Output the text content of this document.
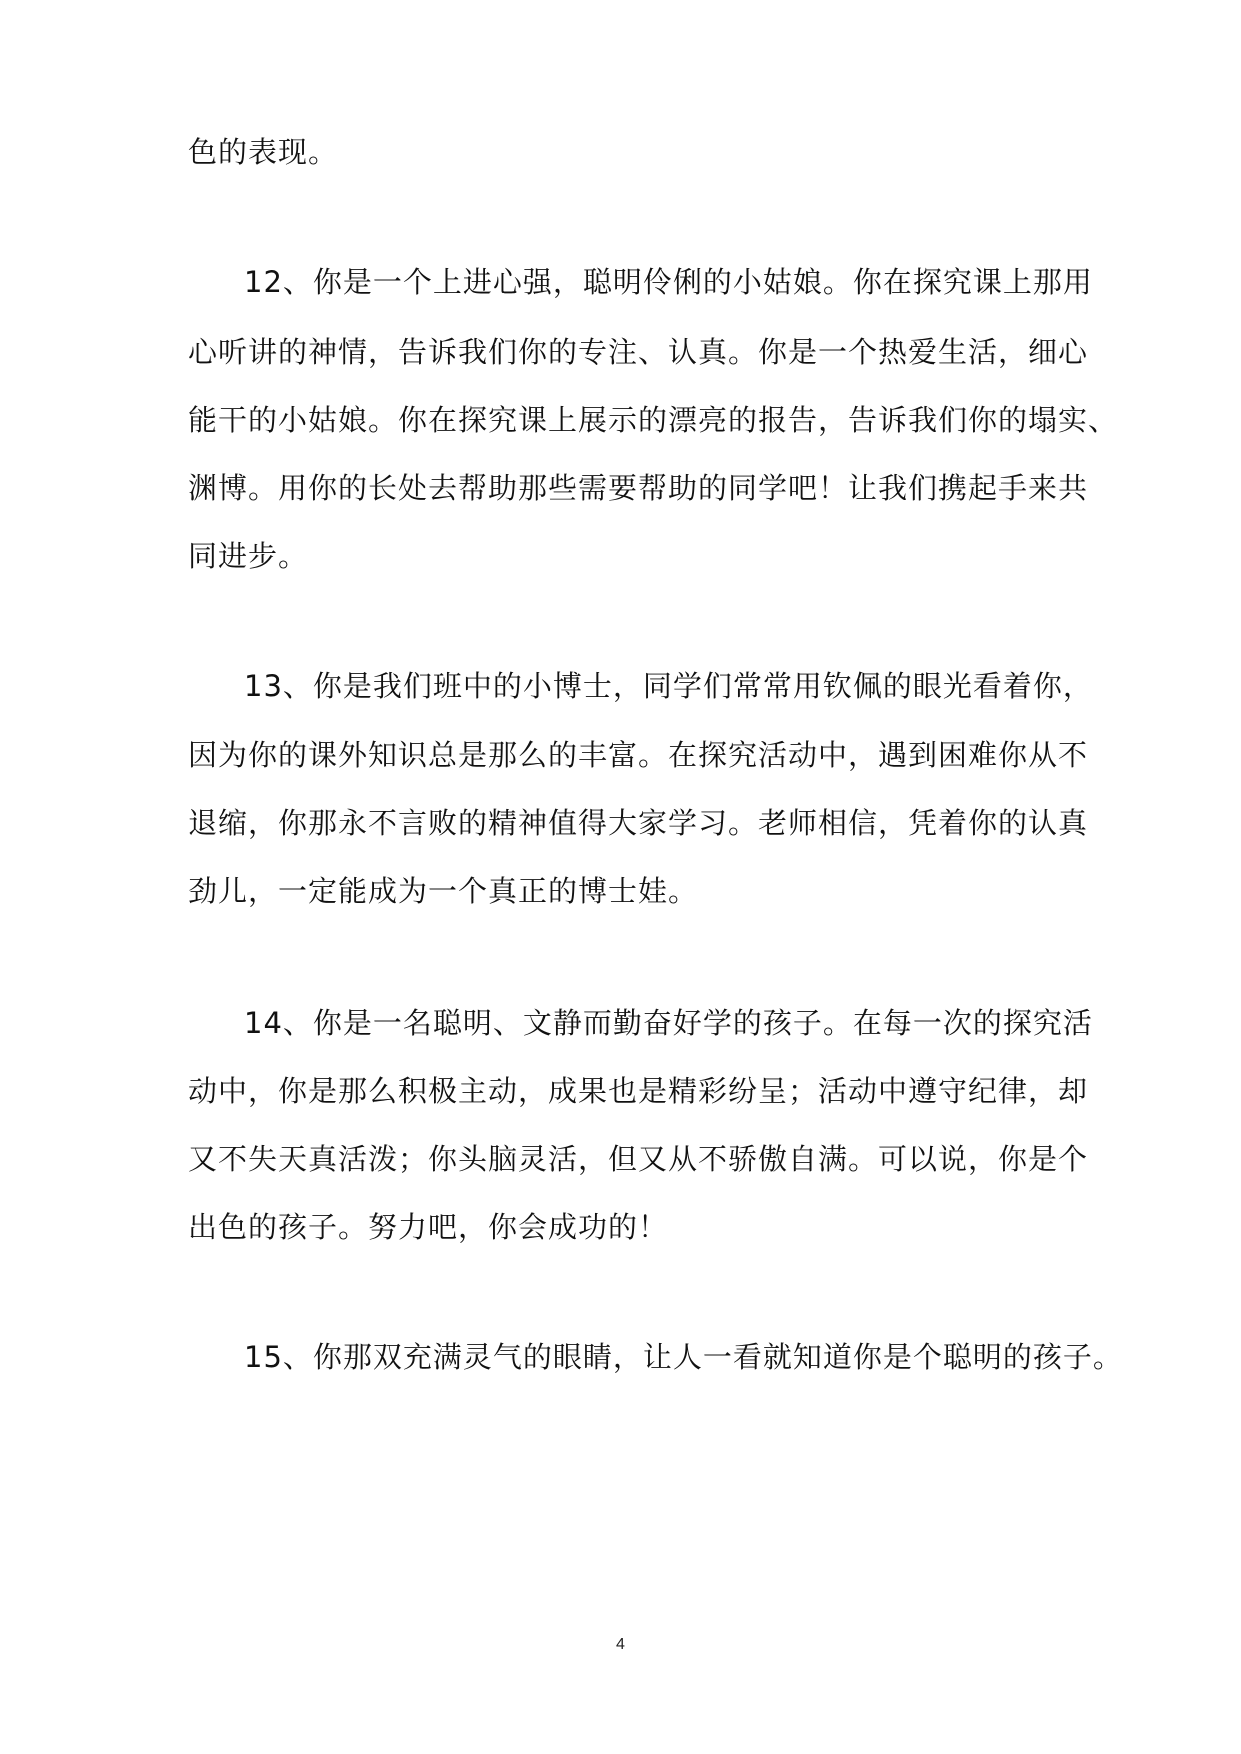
色的表现。
12、你是一个上进心强，聪明伶俐的小姑娘。你在探究课上那用
心听讲的神情，告诉我们你的专注、认真。你是一个热爱生活，细心
能干的小姑娘。你在探究课上展示的漂亮的报告，告诉我们你的塌实、
渊博。用你的长处去帮助那些需要帮助的同学吧！让我们携起手来共
同进步。
13、你是我们班中的小博士，同学们常常用钦佩的眼光看着你，
因为你的课外知识总是那么的丰富。在探究活动中，遇到困难你从不
退缩，你那永不言败的精神值得大家学习。老师相信，凭着你的认真
劲儿，一定能成为一个真正的博士娃。
14、你是一名聪明、文静而勤奋好学的孩子。在每一次的探究活
动中，你是那么积极主动，成果也是精彩纷呈；活动中遵守纪律，却
又不失天真活泼；你头脑灵活，但又从不骄傲自满。可以说，你是个
出色的孩子。努力吧，你会成功的！
15、你那双充满灵气的眼睛，让人一看就知道你是个聪明的孩子。
4
